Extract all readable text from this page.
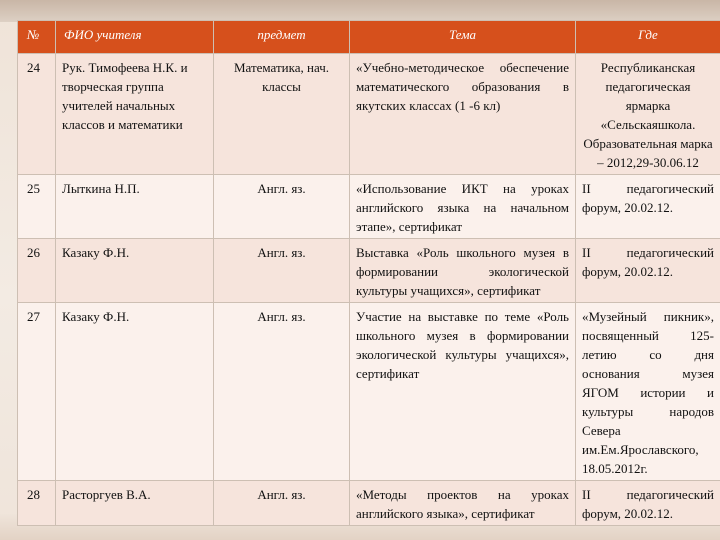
№	ФИО учителя	предмет	Тема	Где
24	Рук. Тимофеева Н.К. и творческая группа учителей начальных классов и математики	Математика, нач. классы	«Учебно-методическое обеспечение математического образования в якутских классах (1 -6 кл)	Республиканская педагогическая ярмарка «Сельскаяшкола. Образовательная марка – 2012,29-30.06.12
25	Лыткина Н.П.	Англ. яз.	«Использование ИКТ на уроках английского языка на начальном этапе», сертификат	II педагогический форум, 20.02.12.
26	Казаку Ф.Н.	Англ. яз.	Выставка «Роль школьного музея в формировании экологической культуры учащихся», сертификат	II педагогический форум, 20.02.12.
27	Казаку Ф.Н.	Англ. яз.	Участие на выставке по теме «Роль школьного музея в формировании экологической культуры учащихся», сертификат	«Музейный пикник», посвященный 125-летию со дня основания музея ЯГОМ истории и культуры народов Севера им.Ем.Ярославского, 18.05.2012г.
28	Расторгуев В.А.	Англ. яз.	«Методы проектов на уроках английского языка», сертификат	II педагогический форум, 20.02.12.
